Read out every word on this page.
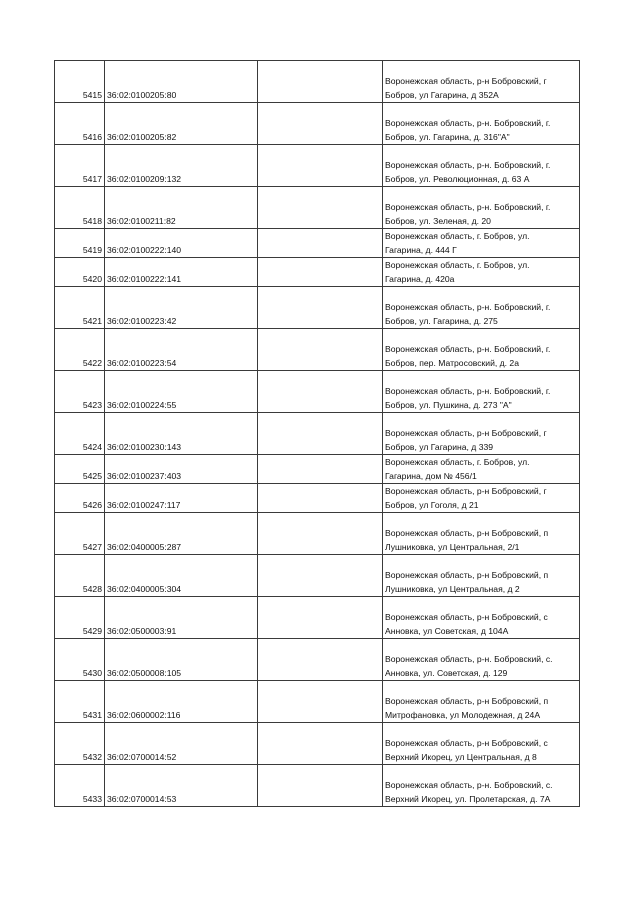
5415	36:02:0100205:80		Воронежская область, р-н Бобровский, г
Бобров, ул Гагарина, д 352А

5416	36:02:0100205:82		Воронежская область, р-н. Бобровский, г.
Бобров, ул. Гагарина, д. 316"А"

5417	36:02:0100209:132		Воронежская область, р-н. Бобровский, г.
Бобров, ул. Революционная, д. 63 А

5418	36:02:0100211:82		Воронежская область, р-н. Бобровский, г.
Бобров, ул. Зеленая, д. 20

5419	36:02:0100222:140		Воронежская область, г. Бобров, ул.
Гагарина, д. 444 Г

5420	36:02:0100222:141		Воронежская область, г. Бобров, ул.
Гагарина, д. 420а

5421	36:02:0100223:42		Воронежская область, р-н. Бобровский, г.
Бобров, ул. Гагарина, д. 275

5422	36:02:0100223:54		Воронежская область, р-н. Бобровский, г.
Бобров, пер. Матросовский, д. 2а

5423	36:02:0100224:55		Воронежская область, р-н. Бобровский, г.
Бобров, ул. Пушкина, д. 273 "А"

5424	36:02:0100230:143		Воронежская область, р-н Бобровский, г
Бобров, ул Гагарина, д 339

5425	36:02:0100237:403		Воронежская область, г. Бобров, ул.
Гагарина, дом № 456/1

5426	36:02:0100247:117		Воронежская область, р-н Бобровский, г
Бобров, ул Гоголя, д 21

5427	36:02:0400005:287		Воронежская область, р-н Бобровский, п
Лушниковка, ул Центральная, 2/1

5428	36:02:0400005:304		Воронежская область, р-н Бобровский, п
Лушниковка, ул Центральная, д 2

5429	36:02:0500003:91		Воронежская область, р-н Бобровский, с
Анновка, ул Советская, д 104А

5430	36:02:0500008:105		Воронежская область, р-н. Бобровский, с.
Анновка, ул. Советская, д. 129

5431	36:02:0600002:116		Воронежская область, р-н Бобровский, п
Митрофановка, ул Молодежная, д 24А

5432	36:02:0700014:52		Воронежская область, р-н Бобровский, с
Верхний Икорец, ул Центральная, д 8

5433	36:02:0700014:53		Воронежская область, р-н. Бобровский, с.
Верхний Икорец, ул. Пролетарская, д. 7А
